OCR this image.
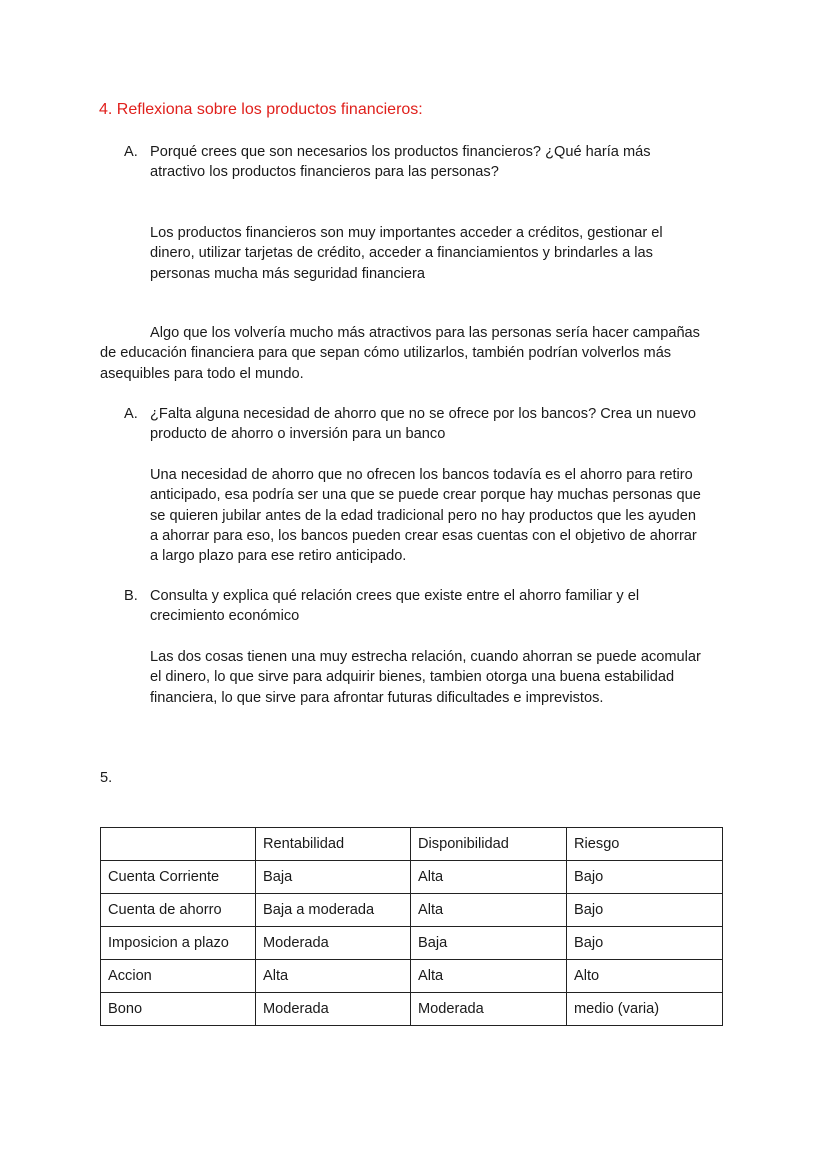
4. Reflexiona sobre los productos financieros:
A. Porqué crees que son necesarios los productos financieros? ¿Qué haría más
atractivo los productos financieros para las personas?
Los productos financieros son muy importantes acceder a créditos, gestionar el
dinero, utilizar tarjetas de crédito, acceder a financiamientos y brindarles a las
personas mucha más seguridad financiera
Algo que los volvería mucho más atractivos para las personas sería hacer campañas
de educación financiera para que sepan cómo utilizarlos, también podrían volverlos más
asequibles para todo el mundo.
A. ¿Falta alguna necesidad de ahorro que no se ofrece por los bancos? Crea un nuevo
producto de ahorro o inversión para un banco
Una necesidad de ahorro que no ofrecen los bancos todavía es el ahorro para retiro
anticipado, esa podría ser una que se puede crear porque hay muchas personas que
se quieren jubilar antes de la edad tradicional pero no hay productos que les ayuden
a ahorrar para eso, los bancos pueden crear esas cuentas con el objetivo de ahorrar
a largo plazo para ese retiro anticipado.
B. Consulta y explica qué relación crees que existe entre el ahorro familiar y el
crecimiento económico
Las dos cosas tienen una muy estrecha relación, cuando ahorran se puede acomular
el dinero, lo que sirve para adquirir bienes, tambien otorga una buena estabilidad
financiera, lo que sirve para afrontar futuras dificultades e imprevistos.
5.
	Rentabilidad	Disponibilidad	Riesgo
Cuenta Corriente	Baja	Alta	Bajo
Cuenta de ahorro	Baja a moderada	Alta	Bajo
Imposicion a plazo	Moderada	Baja	Bajo
Accion	Alta	Alta	Alto
Bono	Moderada	Moderada	medio (varia)
